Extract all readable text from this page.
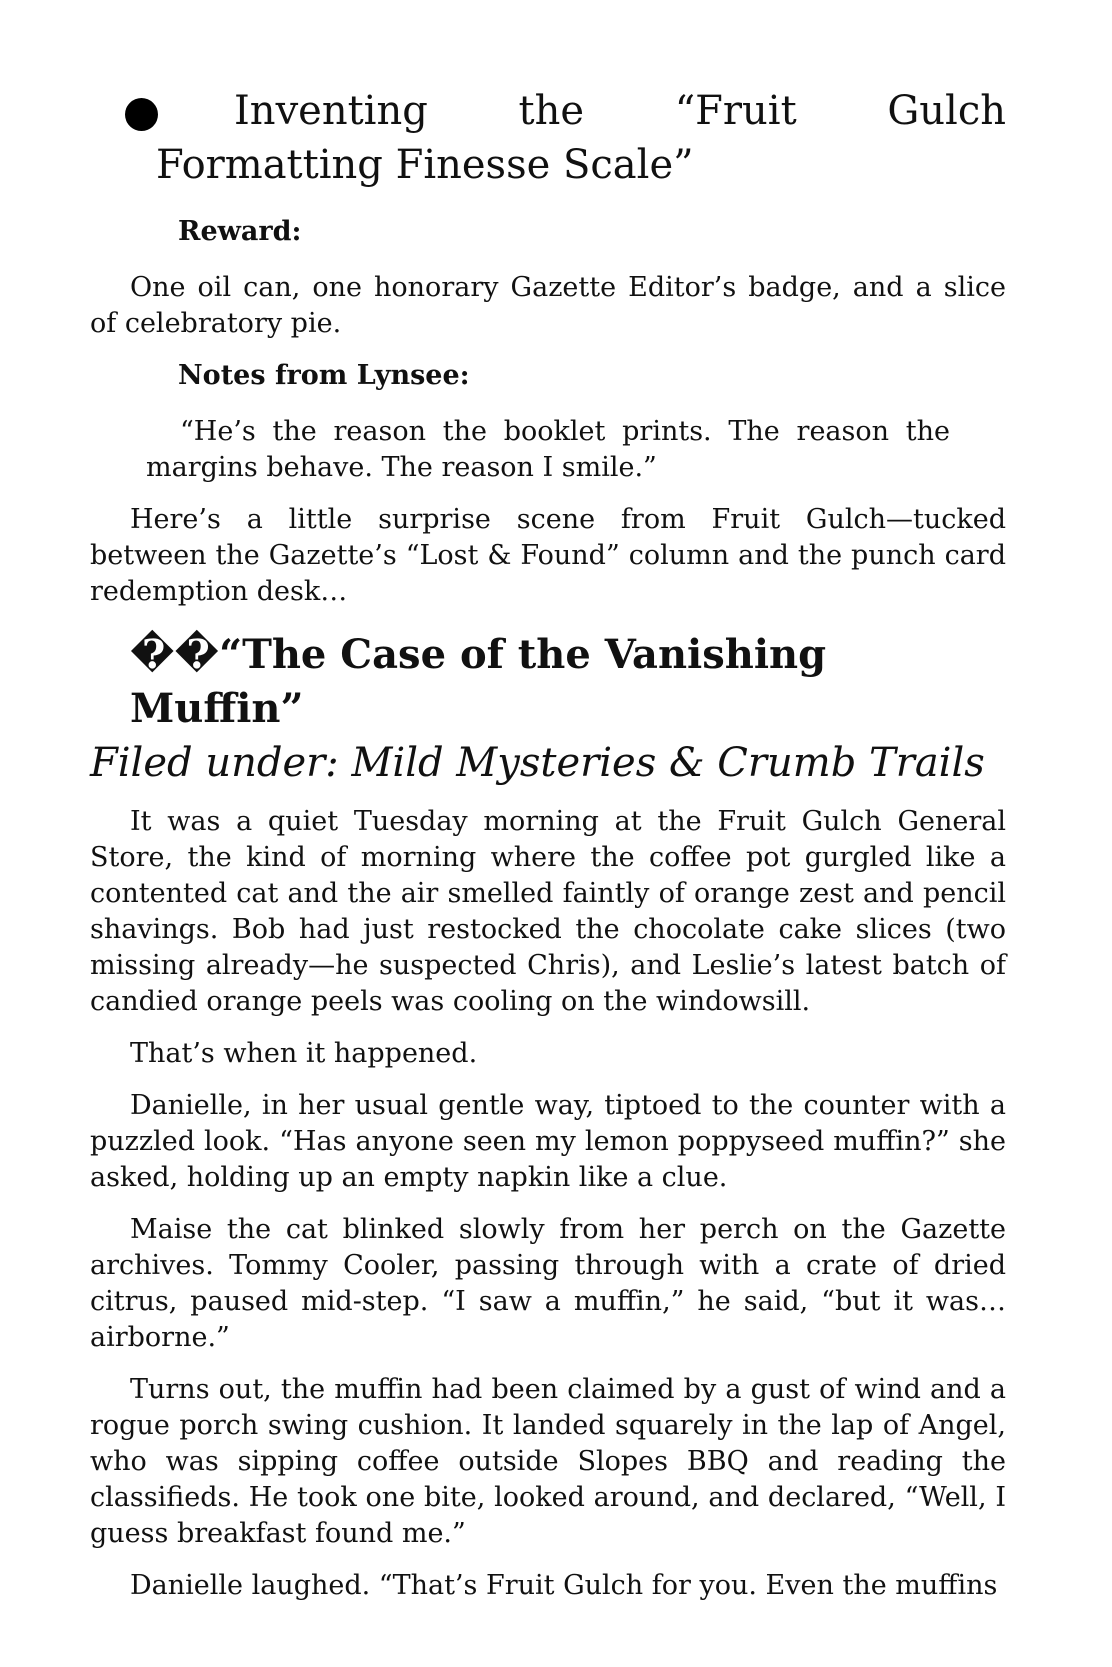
Inventing the “Fruit Gulch Formatting Finesse Scale”
Reward:

One oil can, one honorary Gazette Editor’s badge, and a slice of celebratory pie.

Notes from Lynsee:

“He’s the reason the booklet prints. The reason the margins behave. The reason I smile.”

Here’s a little surprise scene from Fruit Gulch—tucked between the Gazette’s “Lost & Found” column and the punch card redemption desk…

��“The Case of the Vanishing Muffin”
Filed under: Mild Mysteries & Crumb Trails

It was a quiet Tuesday morning at the Fruit Gulch General Store, the kind of morning where the coffee pot gurgled like a contented cat and the air smelled faintly of orange zest and pencil shavings. Bob had just restocked the chocolate cake slices (two missing already—he suspected Chris), and Leslie’s latest batch of candied orange peels was cooling on the windowsill.

That’s when it happened.

Danielle, in her usual gentle way, tiptoed to the counter with a puzzled look. “Has anyone seen my lemon poppyseed muffin?” she asked, holding up an empty napkin like a clue.

Maise the cat blinked slowly from her perch on the Gazette archives. Tommy Cooler, passing through with a crate of dried citrus, paused mid-step. “I saw a muffin,” he said, “but it was… airborne.”

Turns out, the muffin had been claimed by a gust of wind and a rogue porch swing cushion. It landed squarely in the lap of Angel, who was sipping coffee outside Slopes BBQ and reading the classifieds. He took one bite, looked around, and declared, “Well, I guess breakfast found me.”

Danielle laughed. “That’s Fruit Gulch for you. Even the muffins
